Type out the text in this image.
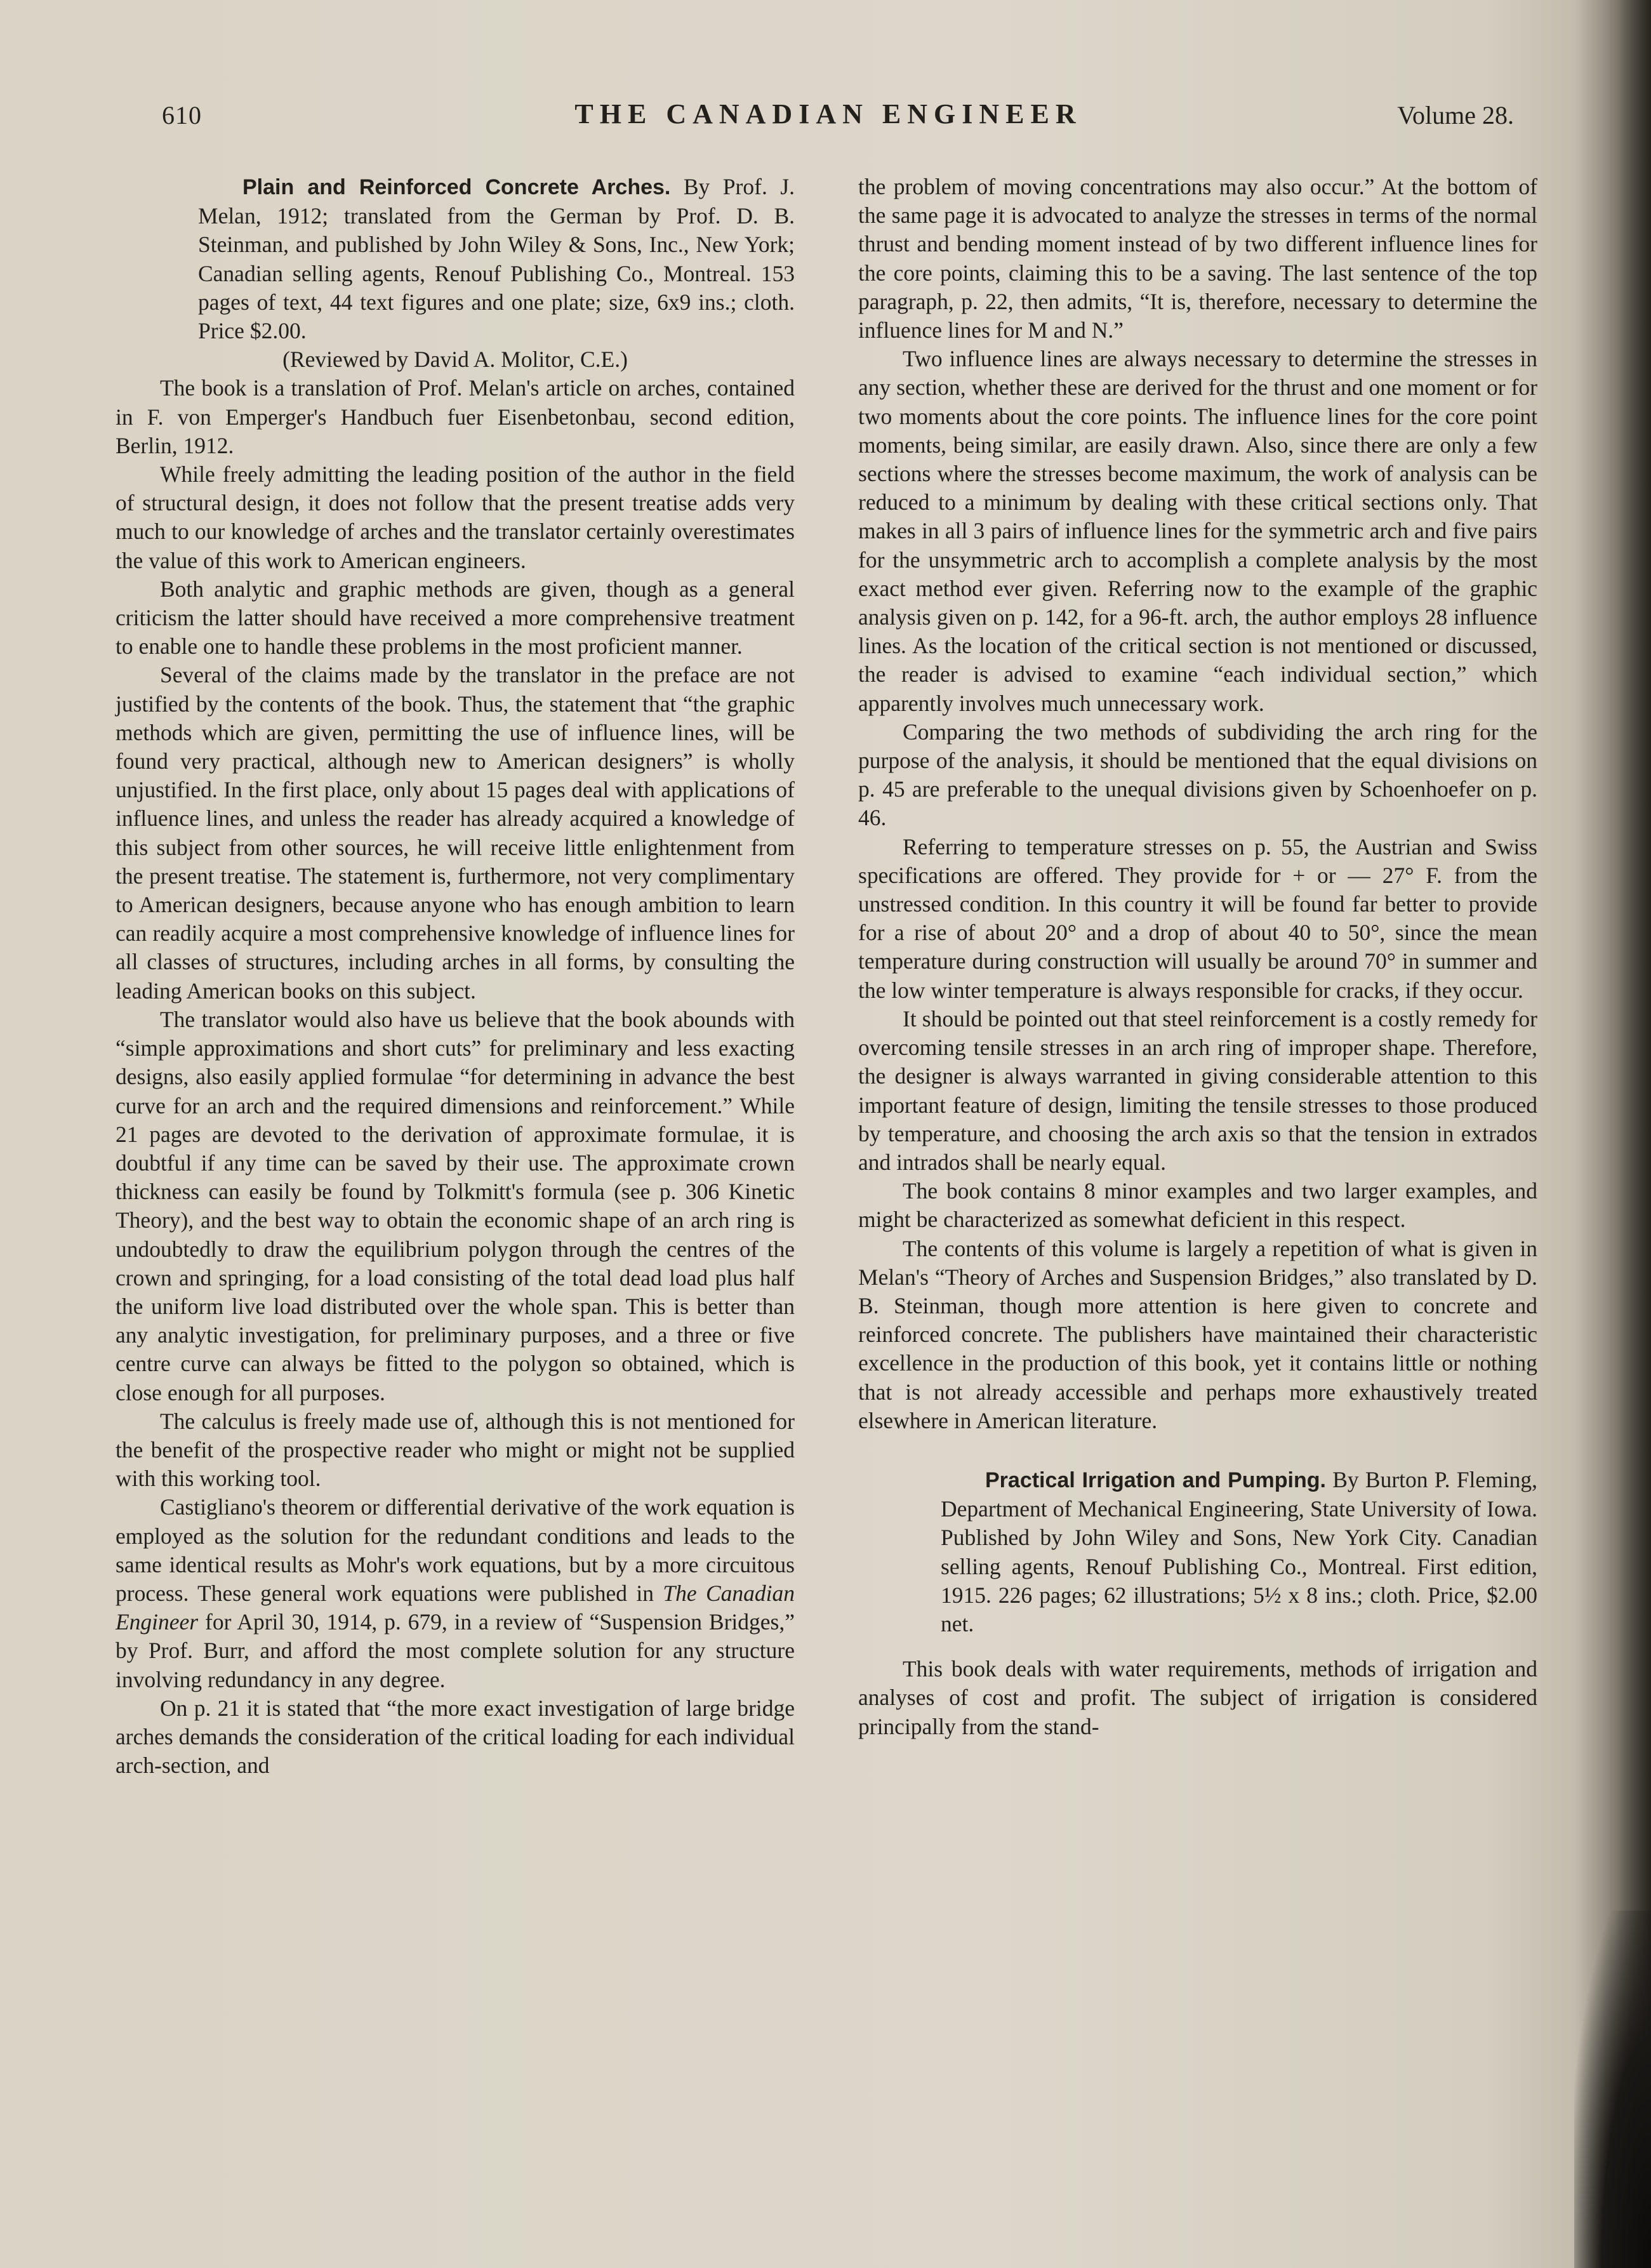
610	THE CANADIAN ENGINEER	Volume 28.

Plain and Reinforced Concrete Arches. By Prof. J. Melan, 1912; translated from the German by Prof. D. B. Steinman, and published by John Wiley & Sons, Inc., New York; Canadian selling agents, Renouf Publishing Co., Montreal. 153 pages of text, 44 text figures and one plate; size, 6x9 ins.; cloth. Price $2.00.

(Reviewed by David A. Molitor, C.E.)

The book is a translation of Prof. Melan's article on arches, contained in F. von Emperger's Handbuch fuer Eisenbetonbau, second edition, Berlin, 1912.

While freely admitting the leading position of the author in the field of structural design, it does not follow that the present treatise adds very much to our knowledge of arches and the translator certainly overestimates the value of this work to American engineers.

Both analytic and graphic methods are given, though as a general criticism the latter should have received a more comprehensive treatment to enable one to handle these problems in the most proficient manner.

Several of the claims made by the translator in the preface are not justified by the contents of the book. Thus, the statement that “the graphic methods which are given, permitting the use of influence lines, will be found very practical, although new to American designers” is wholly unjustified. In the first place, only about 15 pages deal with applications of influence lines, and unless the reader has already acquired a knowledge of this subject from other sources, he will receive little enlightenment from the present treatise. The statement is, furthermore, not very complimentary to American designers, because anyone who has enough ambition to learn can readily acquire a most comprehensive knowledge of influence lines for all classes of structures, including arches in all forms, by consulting the leading American books on this subject.

The translator would also have us believe that the book abounds with “simple approximations and short cuts” for preliminary and less exacting designs, also easily applied formulae “for determining in advance the best curve for an arch and the required dimensions and reinforcement.” While 21 pages are devoted to the derivation of approximate formulae, it is doubtful if any time can be saved by their use. The approximate crown thickness can easily be found by Tolkmitt's formula (see p. 306 Kinetic Theory), and the best way to obtain the economic shape of an arch ring is undoubtedly to draw the equilibrium polygon through the centres of the crown and springing, for a load consisting of the total dead load plus half the uniform live load distributed over the whole span. This is better than any analytic investigation, for preliminary purposes, and a three or five centre curve can always be fitted to the polygon so obtained, which is close enough for all purposes.

The calculus is freely made use of, although this is not mentioned for the benefit of the prospective reader who might or might not be supplied with this working tool.

Castigliano's theorem or differential derivative of the work equation is employed as the solution for the redundant conditions and leads to the same identical results as Mohr's work equations, but by a more circuitous process. These general work equations were published in The Canadian Engineer for April 30, 1914, p. 679, in a review of “Suspension Bridges,” by Prof. Burr, and afford the most complete solution for any structure involving redundancy in any degree.

On p. 21 it is stated that “the more exact investigation of large bridge arches demands the consideration of the critical loading for each individual arch-section, and

the problem of moving concentrations may also occur.” At the bottom of the same page it is advocated to analyze the stresses in terms of the normal thrust and bending moment instead of by two different influence lines for the core points, claiming this to be a saving. The last sentence of the top paragraph, p. 22, then admits, “It is, therefore, necessary to determine the influence lines for M and N.”

Two influence lines are always necessary to determine the stresses in any section, whether these are derived for the thrust and one moment or for two moments about the core points. The influence lines for the core point moments, being similar, are easily drawn. Also, since there are only a few sections where the stresses become maximum, the work of analysis can be reduced to a minimum by dealing with these critical sections only. That makes in all 3 pairs of influence lines for the symmetric arch and five pairs for the unsymmetric arch to accomplish a complete analysis by the most exact method ever given. Referring now to the example of the graphic analysis given on p. 142, for a 96-ft. arch, the author employs 28 influence lines. As the location of the critical section is not mentioned or discussed, the reader is advised to examine “each individual section,” which apparently involves much unnecessary work.

Comparing the two methods of subdividing the arch ring for the purpose of the analysis, it should be mentioned that the equal divisions on p. 45 are preferable to the unequal divisions given by Schoenhoefer on p. 46.

Referring to temperature stresses on p. 55, the Austrian and Swiss specifications are offered. They provide for + or — 27° F. from the unstressed condition. In this country it will be found far better to provide for a rise of about 20° and a drop of about 40 to 50°, since the mean temperature during construction will usually be around 70° in summer and the low winter temperature is always responsible for cracks, if they occur.

It should be pointed out that steel reinforcement is a costly remedy for overcoming tensile stresses in an arch ring of improper shape. Therefore, the designer is always warranted in giving considerable attention to this important feature of design, limiting the tensile stresses to those produced by temperature, and choosing the arch axis so that the tension in extrados and intrados shall be nearly equal.

The book contains 8 minor examples and two larger examples, and might be characterized as somewhat deficient in this respect.

The contents of this volume is largely a repetition of what is given in Melan's “Theory of Arches and Suspension Bridges,” also translated by D. B. Steinman, though more attention is here given to concrete and reinforced concrete. The publishers have maintained their characteristic excellence in the production of this book, yet it contains little or nothing that is not already accessible and perhaps more exhaustively treated elsewhere in American literature.

Practical Irrigation and Pumping. By Burton P. Fleming, Department of Mechanical Engineering, State University of Iowa. Published by John Wiley and Sons, New York City. Canadian selling agents, Renouf Publishing Co., Montreal. First edition, 1915. 226 pages; 62 illustrations; 5½ x 8 ins.; cloth. Price, $2.00 net.

This book deals with water requirements, methods of irrigation and analyses of cost and profit. The subject of irrigation is considered principally from the stand-
